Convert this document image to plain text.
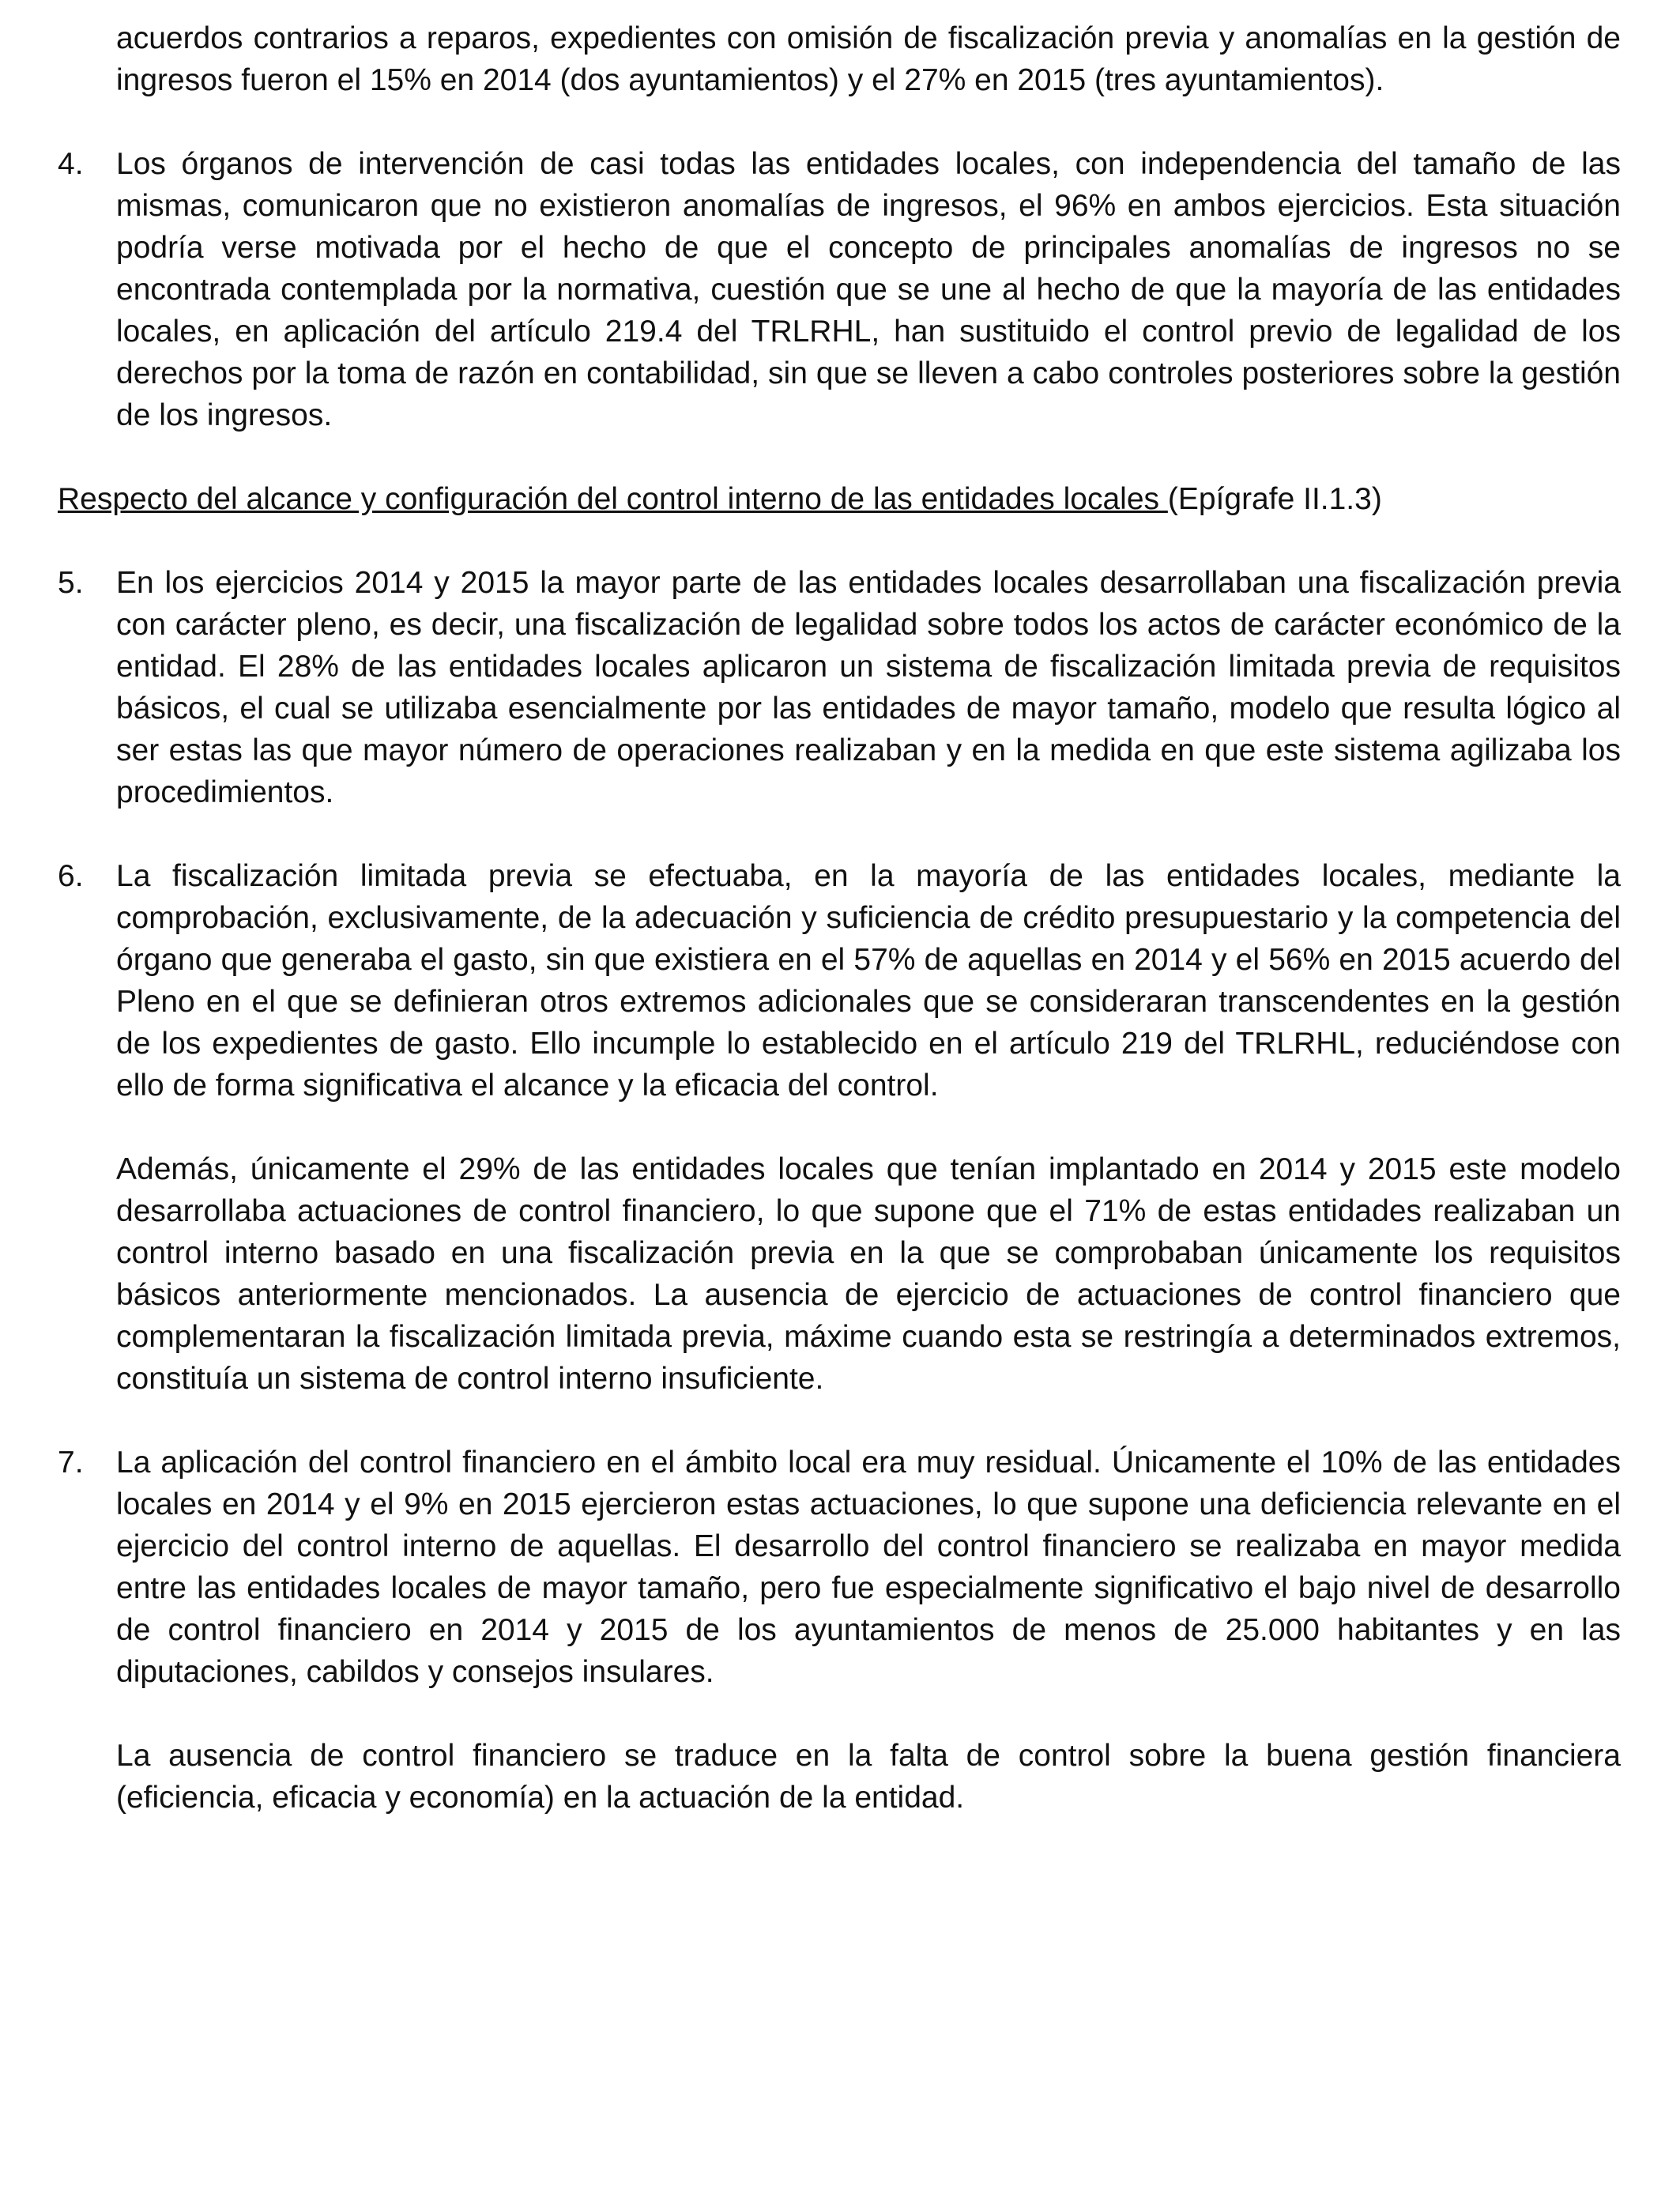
acuerdos contrarios a reparos, expedientes con omisión de fiscalización previa y anomalías en la gestión de ingresos fueron el 15% en 2014 (dos ayuntamientos) y el 27% en 2015 (tres ayuntamientos).

4.	Los órganos de intervención de casi todas las entidades locales, con independencia del tamaño de las mismas, comunicaron que no existieron anomalías de ingresos, el 96% en ambos ejercicios. Esta situación podría verse motivada por el hecho de que el concepto de principales anomalías de ingresos no se encontrada contemplada por la normativa, cuestión que se une al hecho de que la mayoría de las entidades locales, en aplicación del artículo 219.4 del TRLRHL, han sustituido el control previo de legalidad de los derechos por la toma de razón en contabilidad, sin que se lleven a cabo controles posteriores sobre la gestión de los ingresos.

Respecto del alcance y configuración del control interno de las entidades locales (Epígrafe II.1.3)

5.	En los ejercicios 2014 y 2015 la mayor parte de las entidades locales desarrollaban una fiscalización previa con carácter pleno, es decir, una fiscalización de legalidad sobre todos los actos de carácter económico de la entidad. El 28% de las entidades locales aplicaron un sistema de fiscalización limitada previa de requisitos básicos, el cual se utilizaba esencialmente por las entidades de mayor tamaño, modelo que resulta lógico al ser estas las que mayor número de operaciones realizaban y en la medida en que este sistema agilizaba los procedimientos.

6.	La fiscalización limitada previa se efectuaba, en la mayoría de las entidades locales, mediante la comprobación, exclusivamente, de la adecuación y suficiencia de crédito presupuestario y la competencia del órgano que generaba el gasto, sin que existiera en el 57% de aquellas en 2014 y el 56% en 2015 acuerdo del Pleno en el que se definieran otros extremos adicionales que se consideraran transcendentes en la gestión de los expedientes de gasto. Ello incumple lo establecido en el artículo 219 del TRLRHL, reduciéndose con ello de forma significativa el alcance y la eficacia del control.

Además, únicamente el 29% de las entidades locales que tenían implantado en 2014 y 2015 este modelo desarrollaba actuaciones de control financiero, lo que supone que el 71% de estas entidades realizaban un control interno basado en una fiscalización previa en la que se comprobaban únicamente los requisitos básicos anteriormente mencionados. La ausencia de ejercicio de actuaciones de control financiero que complementaran la fiscalización limitada previa, máxime cuando esta se restringía a determinados extremos, constituía un sistema de control interno insuficiente.

7.	La aplicación del control financiero en el ámbito local era muy residual. Únicamente el 10% de las entidades locales en 2014 y el 9% en 2015 ejercieron estas actuaciones, lo que supone una deficiencia relevante en el ejercicio del control interno de aquellas. El desarrollo del control financiero se realizaba en mayor medida entre las entidades locales de mayor tamaño, pero fue especialmente significativo el bajo nivel de desarrollo de control financiero en 2014 y 2015 de los ayuntamientos de menos de 25.000 habitantes y en las diputaciones, cabildos y consejos insulares.

La ausencia de control financiero se traduce en la falta de control sobre la buena gestión financiera (eficiencia, eficacia y economía) en la actuación de la entidad.
